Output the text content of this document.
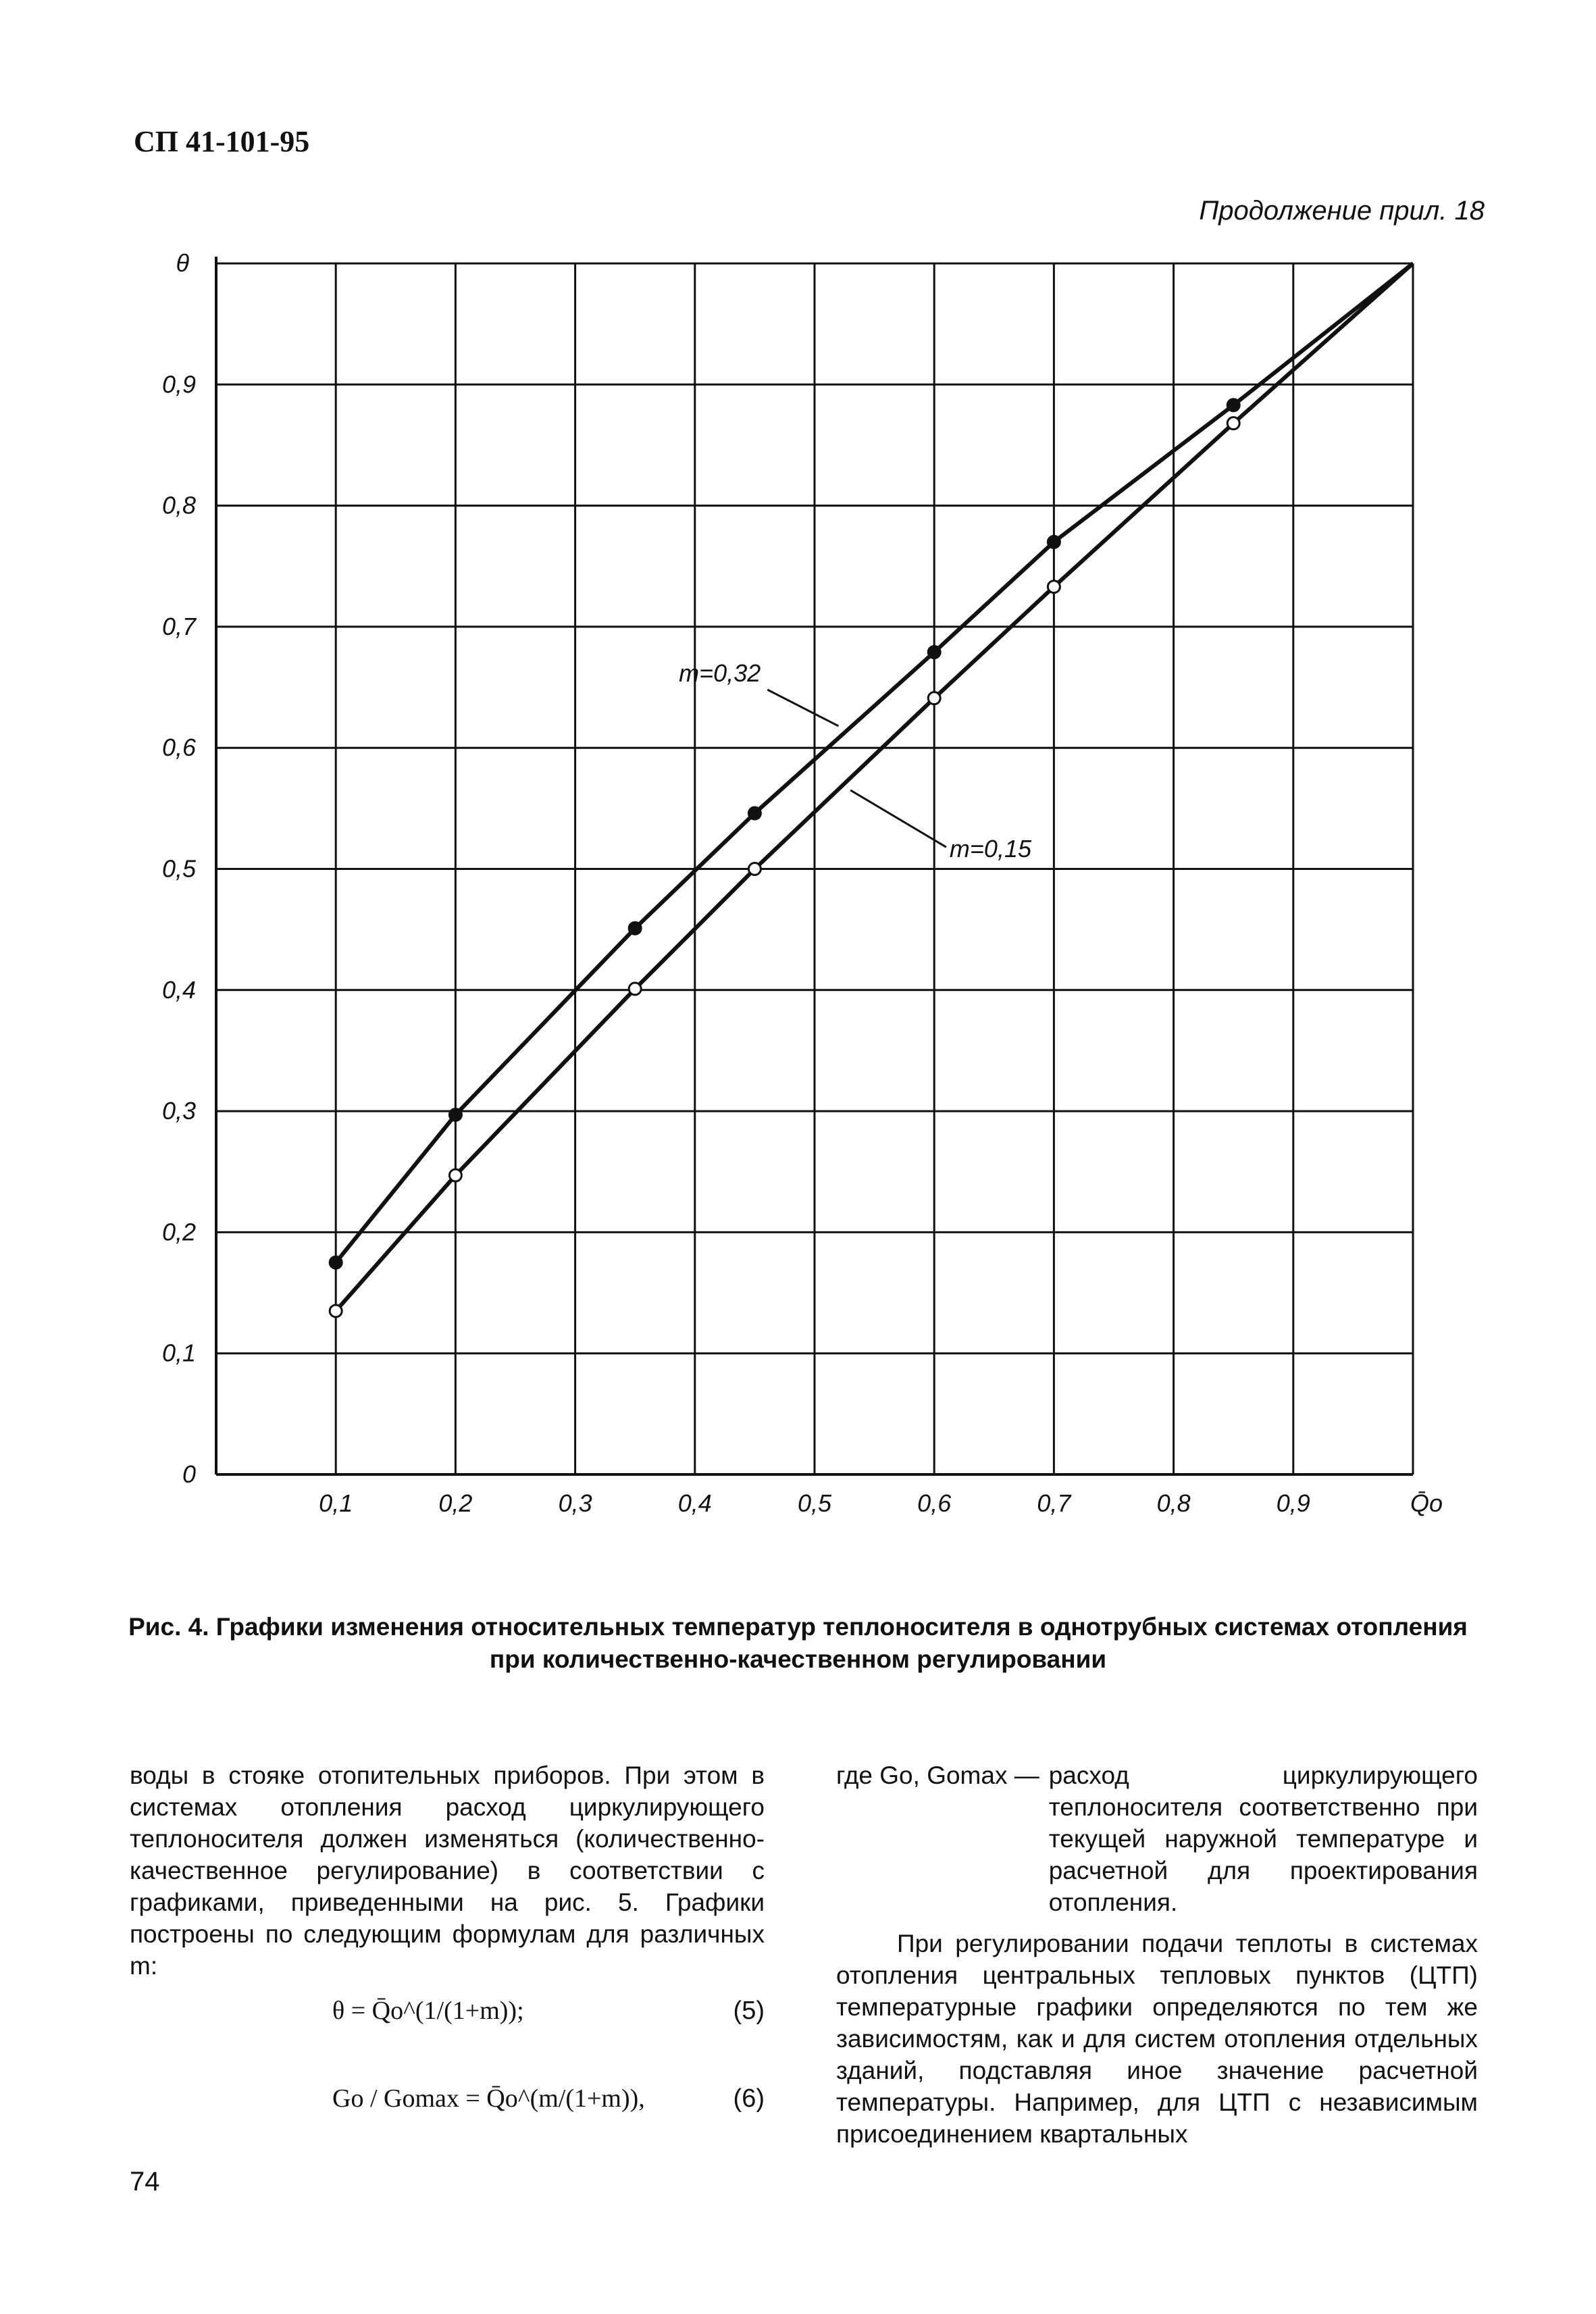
СП 41-101-95
Продолжение прил. 18
0,1	0,2	0,3	0,4	0,5	0,6	0,7	0,8	0,9
0
0,1
0,2
0,3
0,4
0,5
0,6
0,7
0,8
0,9
θ
Q̄o
m=0,32
m=0,15
Рис. 4. Графики изменения относительных температур теплоносителя в однотрубных системах отопления
при количественно-качественном регулировании

воды в стояке отопительных приборов. При этом в системах отопления расход циркулирующего теплоносителя должен изменяться (количественно-качественное регулирование) в соответствии с графиками, приведенными на рис. 5. Графики построены по следующим формулам для различных m:

θ = Q̄o^(1/(1+m));	(5)
Go / Gomax = Q̄o^(m/(1+m)),	(6)
где Go, Gomax — расход циркулирующего теплоносителя соответственно при текущей наружной температуре и расчетной для проектирования отопления.

При регулировании подачи теплоты в системах отопления центральных тепловых пунктов (ЦТП) температурные графики определяются по тем же зависимостям, как и для систем отопления отдельных зданий, подставляя иное значение расчетной температуры. Например, для ЦТП с независимым присоединением квартальных

74
